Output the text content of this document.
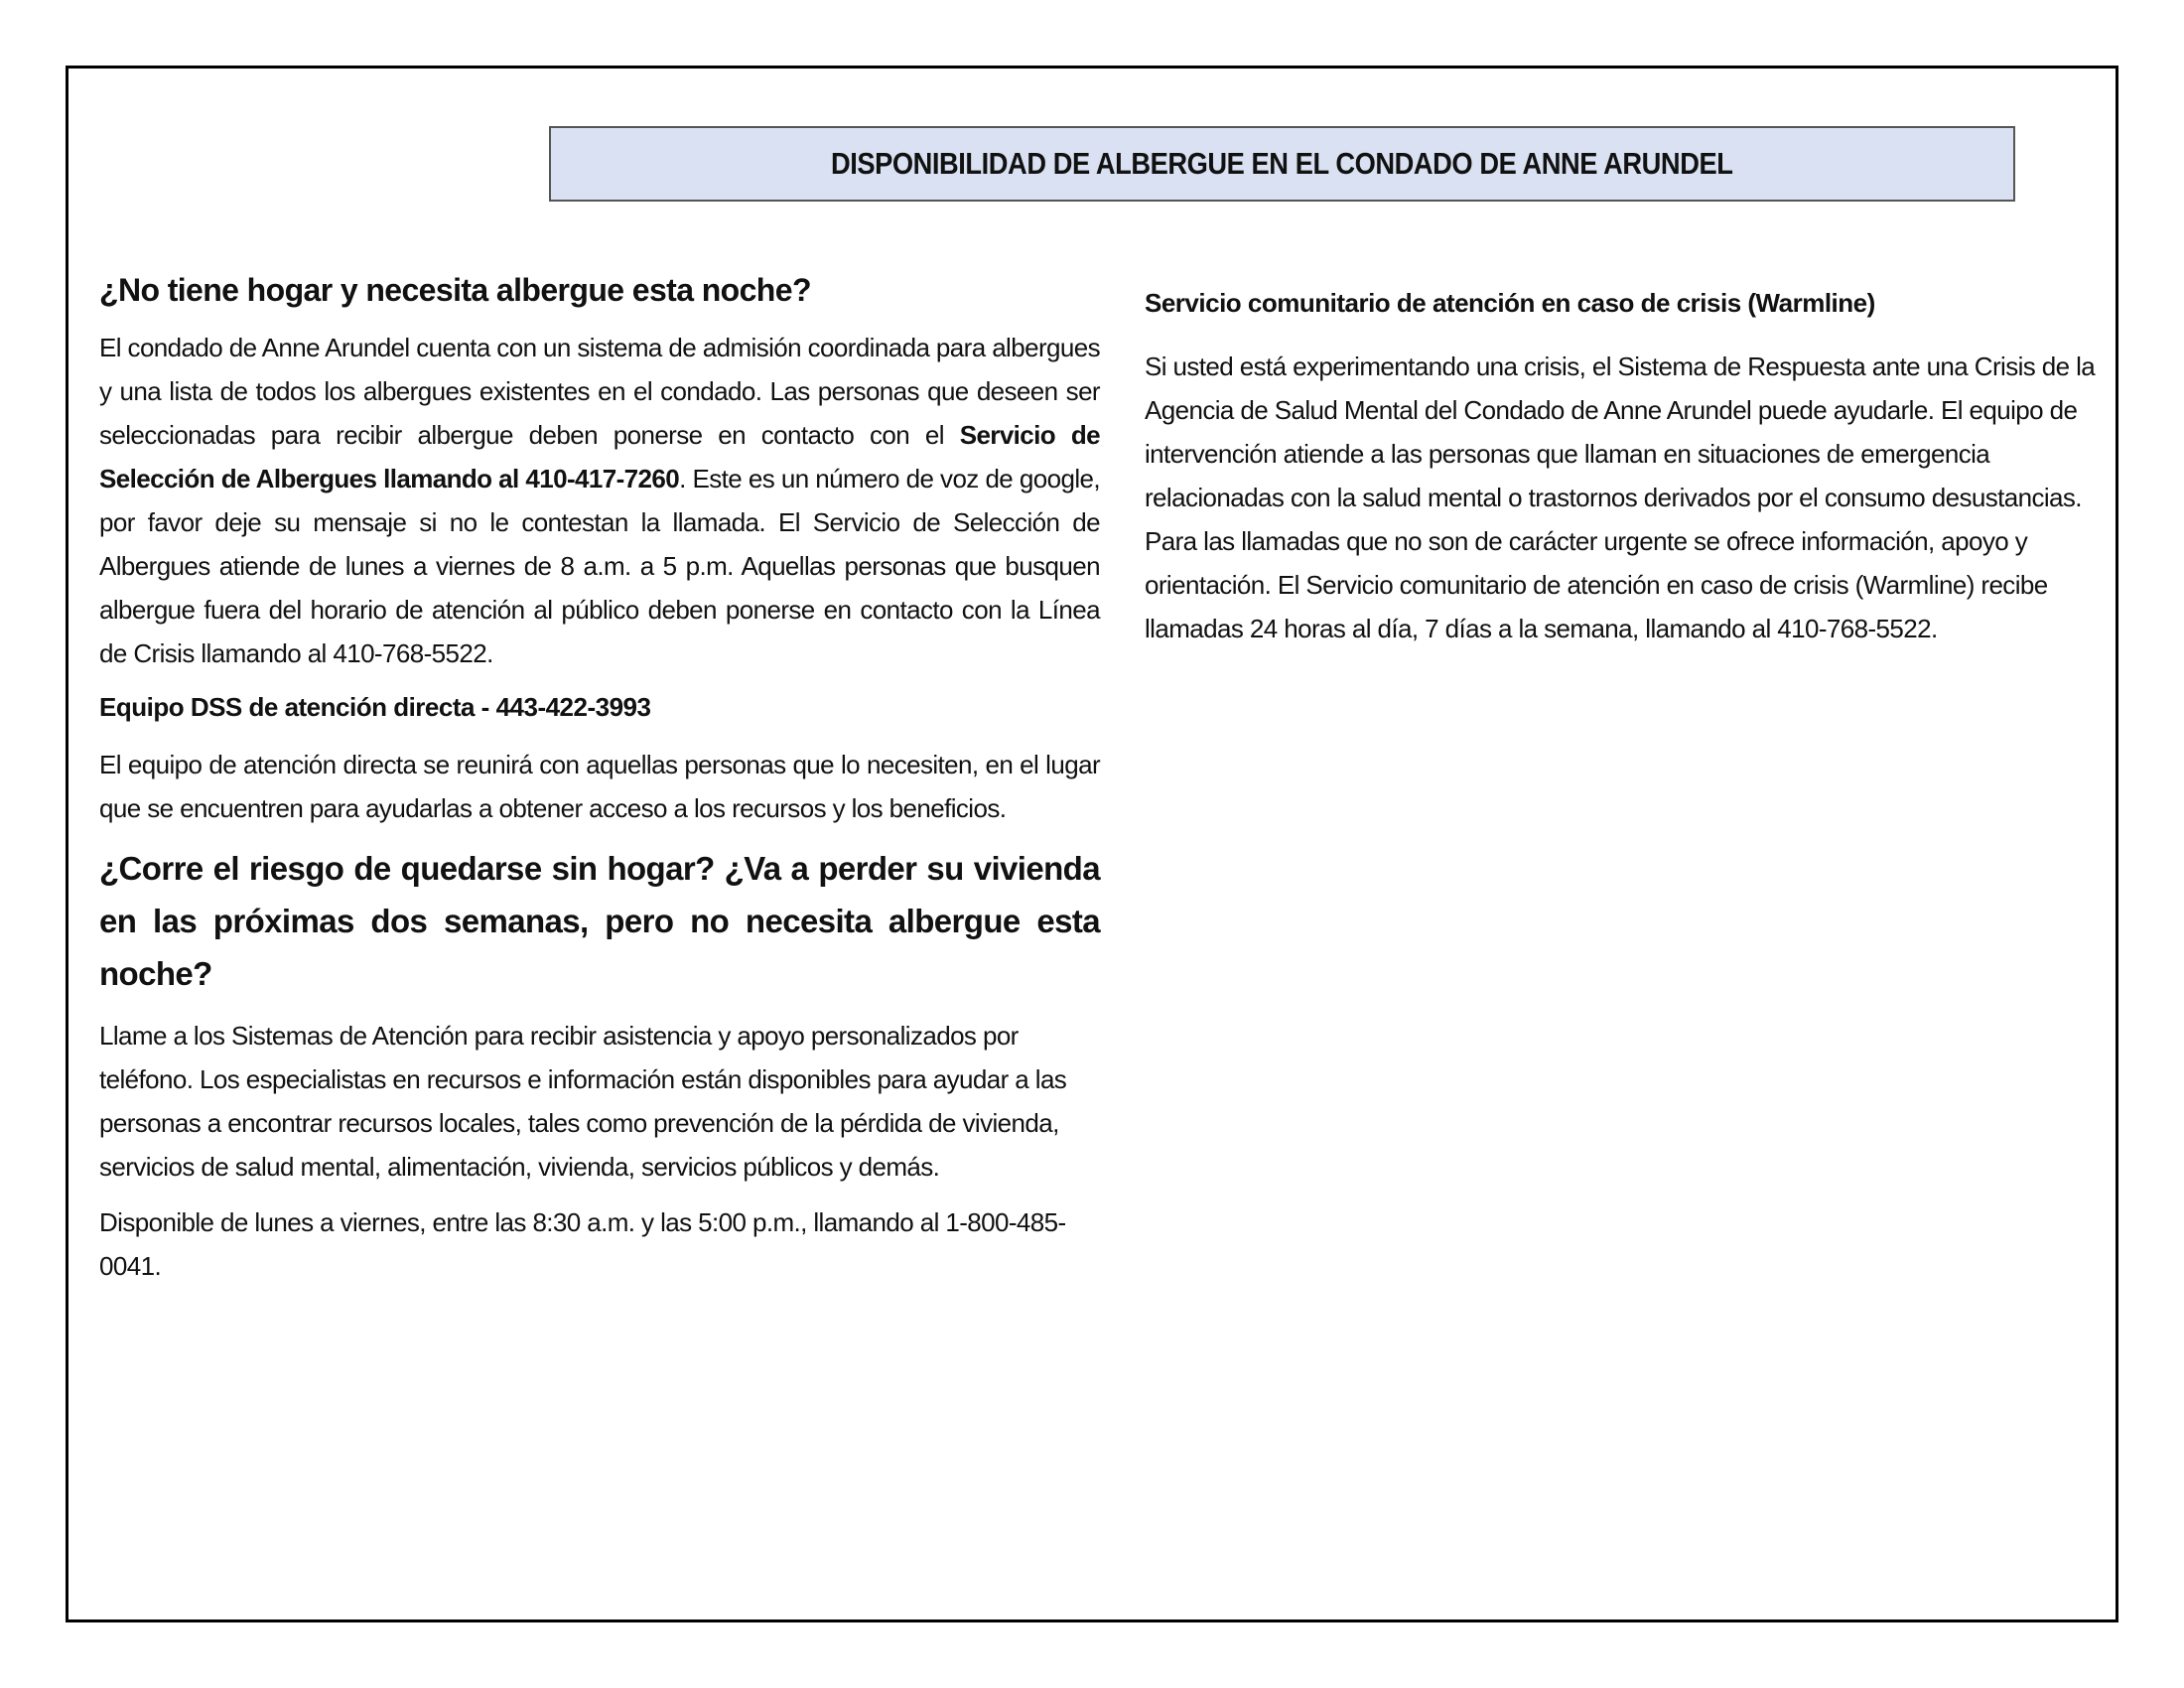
DISPONIBILIDAD DE ALBERGUE EN EL CONDADO DE ANNE ARUNDEL
¿No tiene hogar y necesita albergue esta noche?

El condado de Anne Arundel cuenta con un sistema de admisión coordinada para albergues y una lista de todos los albergues existentes en el condado. Las personas que deseen ser seleccionadas para recibir albergue deben ponerse en contacto con el Servicio de Selección de Albergues llamando al 410-417-7260. Este es un número de voz de google, por favor deje su mensaje si no le contestan la llamada. El Servicio de Selección de Albergues atiende de lunes a viernes de 8 a.m. a 5 p.m. Aquellas personas que busquen albergue fuera del horario de atención al público deben ponerse en contacto con la Línea de Crisis llamando al 410-768-5522.

Equipo DSS de atención directa - 443-422-3993

El equipo de atención directa se reunirá con aquellas personas que lo necesiten, en el lugar que se encuentren para ayudarlas a obtener acceso a los recursos y los beneficios.

¿Corre el riesgo de quedarse sin hogar? ¿Va a perder su vivienda en las próximas dos semanas, pero no necesita albergue esta noche?

Llame a los Sistemas de Atención para recibir asistencia y apoyo personalizados por teléfono. Los especialistas en recursos e información están disponibles para ayudar a las personas a encontrar recursos locales, tales como prevención de la pérdida de vivienda, servicios de salud mental, alimentación, vivienda, servicios públicos y demás.

Disponible de lunes a viernes, entre las 8:30 a.m. y las 5:00 p.m., llamando al 1-800-485-0041.

Servicio comunitario de atención en caso de crisis (Warmline)

Si usted está experimentando una crisis, el Sistema de Respuesta ante una Crisis de la Agencia de Salud Mental del Condado de Anne Arundel puede ayudarle. El equipo de intervención atiende a las personas que llaman en situaciones de emergencia relacionadas con la salud mental o trastornos derivados por el consumo desustancias. Para las llamadas que no son de carácter urgente se ofrece información, apoyo y orientación. El Servicio comunitario de atención en caso de crisis (Warmline) recibe llamadas 24 horas al día, 7 días a la semana, llamando al 410-768-5522.
